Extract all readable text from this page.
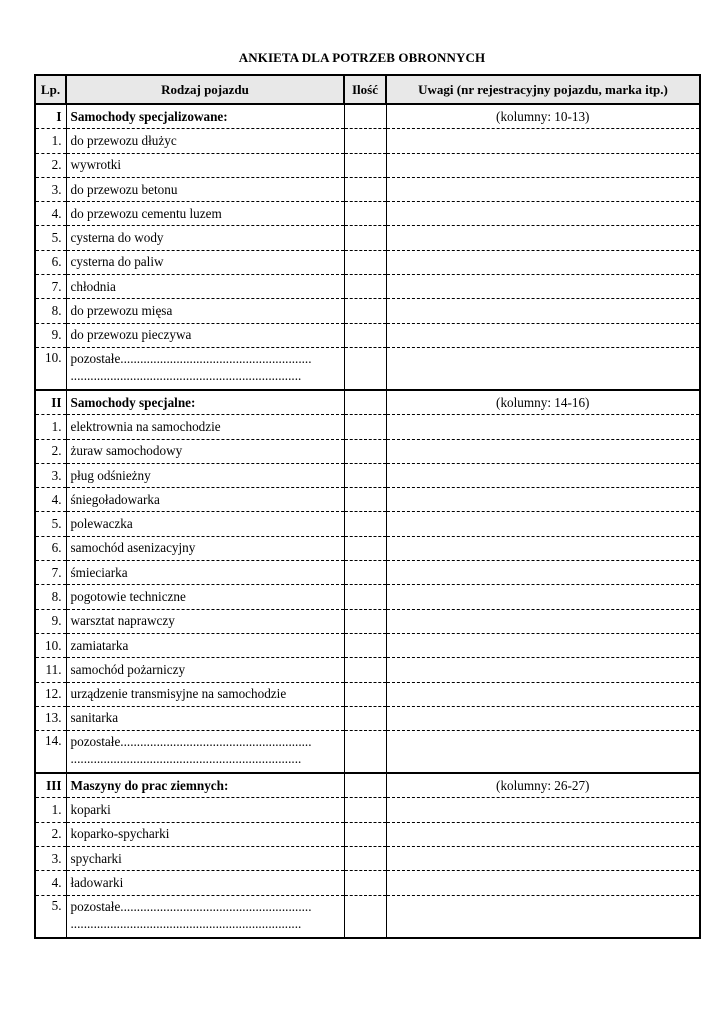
ANKIETA DLA POTRZEB OBRONNYCH
Lp.	Rodzaj pojazdu	Ilość	Uwagi (nr rejestracyjny pojazdu, marka itp.)
I	Samochody specjalizowane:		(kolumny: 10-13)
1.	do przewozu dłużyc		
2.	wywrotki		
3.	do przewozu betonu		
4.	do przewozu cementu luzem		
5.	cysterna do wody		
6.	cysterna do paliw		
7.	chłodnia		
8.	do przewozu mięsa		
9.	do przewozu pieczywa		
10.	pozostałe..........................................................
......................................................................		

II	Samochody specjalne:		(kolumny: 14-16)
1.	elektrownia na samochodzie		
2.	żuraw samochodowy		
3.	pług odśnieżny		
4.	śniegoładowarka		
5.	polewaczka		
6.	samochód asenizacyjny		
7.	śmieciarka		
8.	pogotowie techniczne		
9.	warsztat naprawczy		
10.	zamiatarka		
11.	samochód pożarniczy		
12.	urządzenie transmisyjne na samochodzie		
13.	sanitarka		
14.	pozostałe..........................................................
......................................................................		

III	Maszyny do prac ziemnych:		(kolumny: 26-27)
1.	koparki		
2.	koparko-spycharki		
3.	spycharki		
4.	ładowarki		
5.	pozostałe..........................................................
......................................................................		
